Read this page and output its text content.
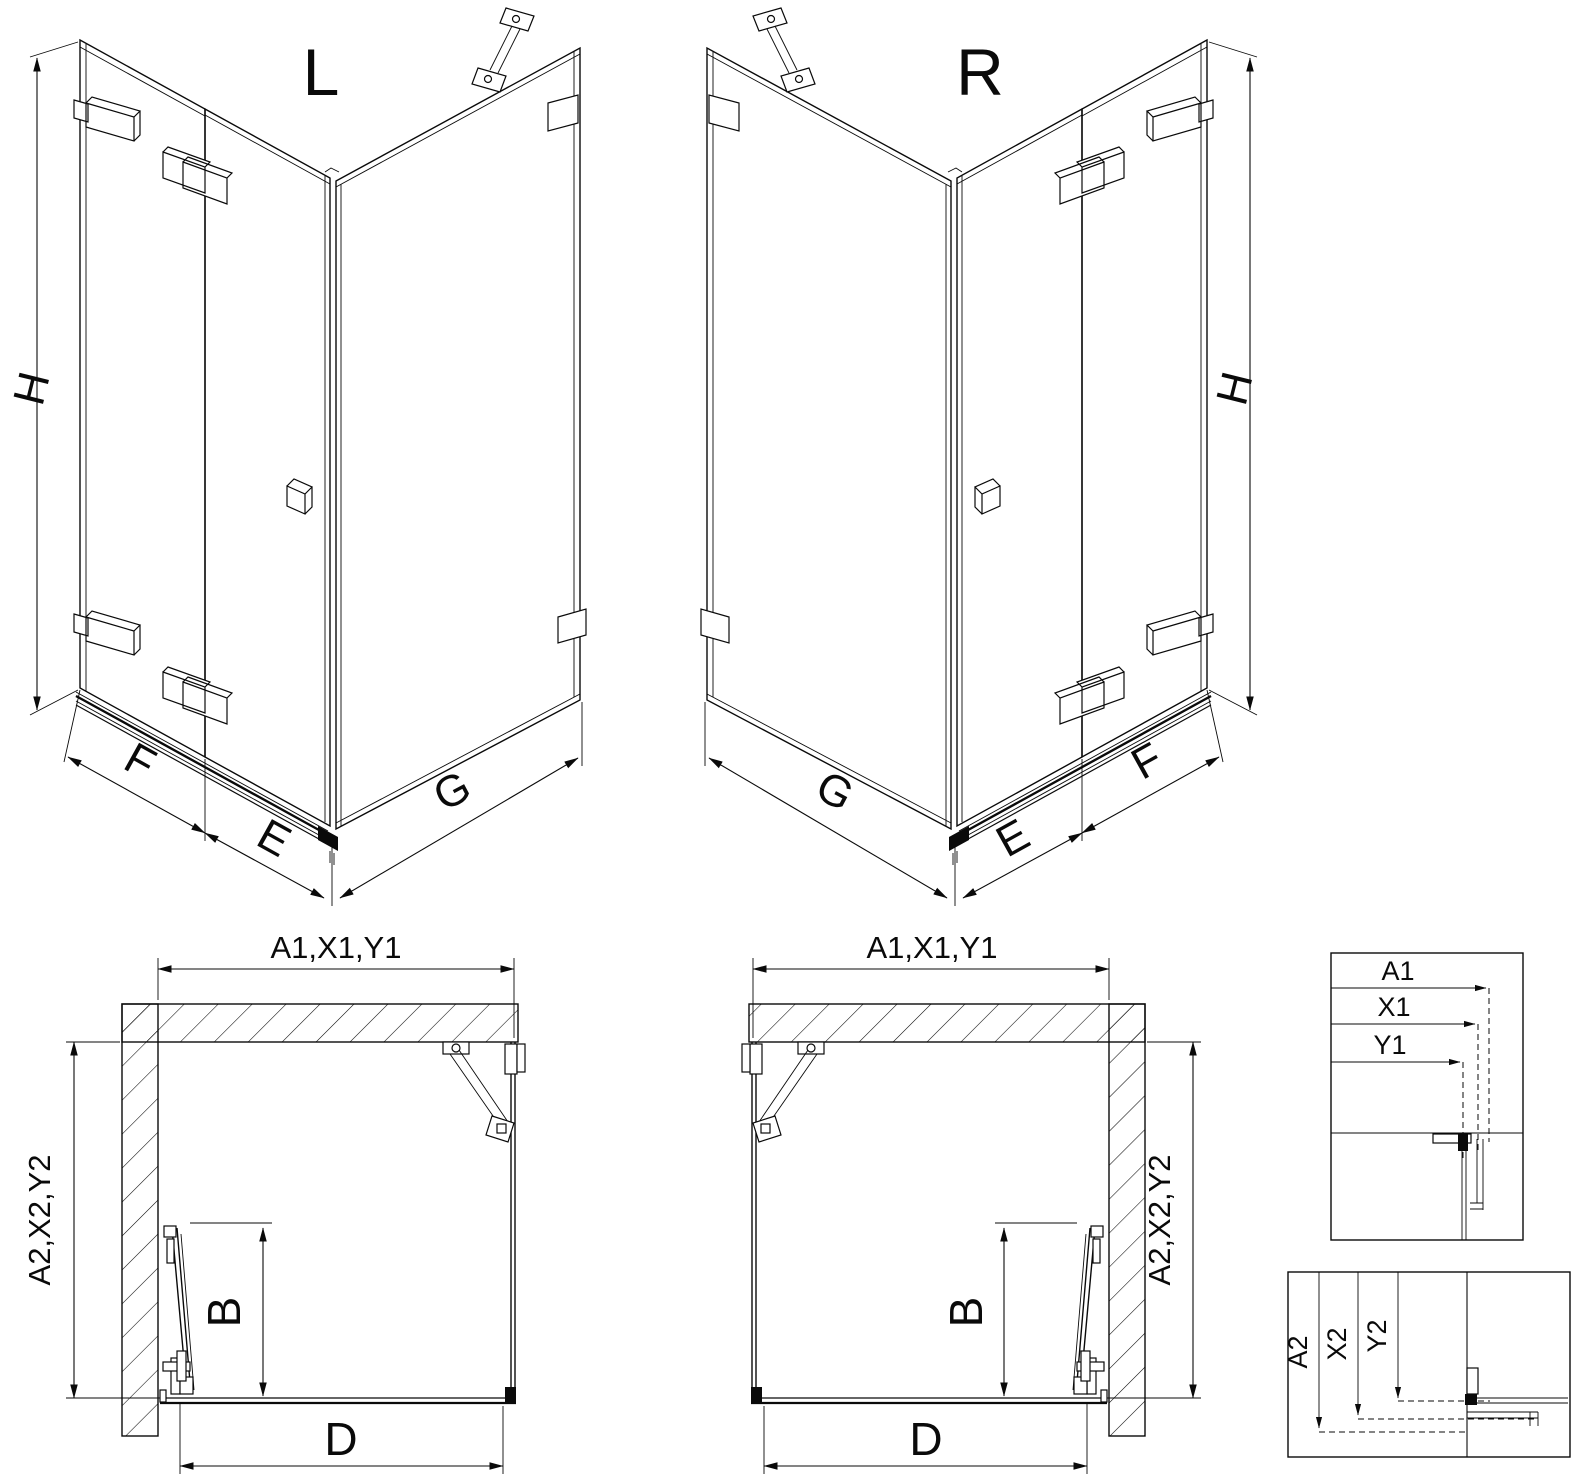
L
H
F
E
G
R
H
F
E
G
A1,X1,Y1
A2,X2,Y2
B
D
A1,X1,Y1
A2,X2,Y2
B
D
A1
X1
Y1
A2 X2 Y2
